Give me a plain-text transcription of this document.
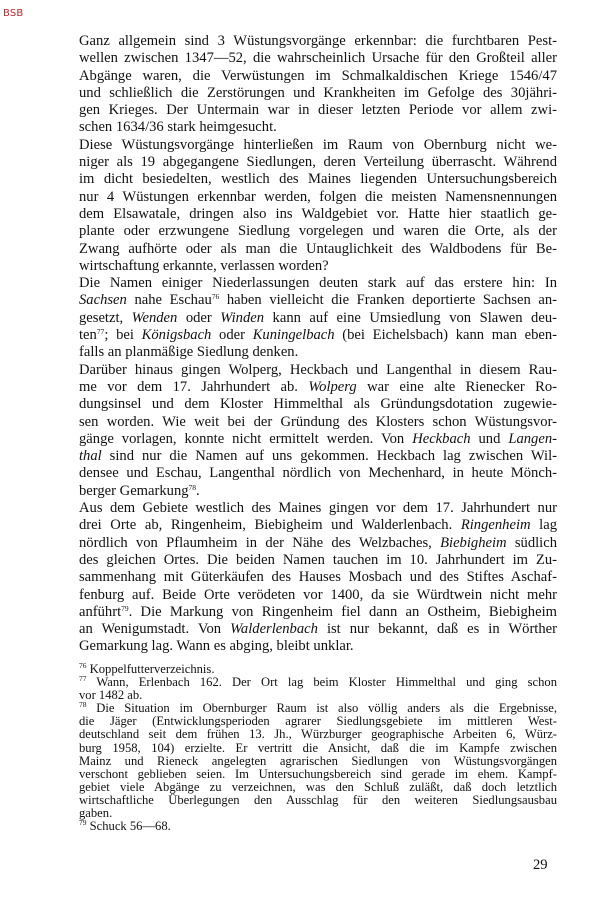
BSB
Ganz allgemein sind 3 Wüstungsvorgänge erkennbar: die furchtbaren Pest-
wellen zwischen 1347—52, die wahrscheinlich Ursache für den Großteil aller
Abgänge waren, die Verwüstungen im Schmalkaldischen Kriege 1546/47
und schließlich die Zerstörungen und Krankheiten im Gefolge des 30jähri-
gen Krieges. Der Untermain war in dieser letzten Periode vor allem zwi-
schen 1634/36 stark heimgesucht.
Diese Wüstungsvorgänge hinterließen im Raum von Obernburg nicht we-
niger als 19 abgegangene Siedlungen, deren Verteilung überrascht. Während
im dicht besiedelten, westlich des Maines liegenden Untersuchungsbereich
nur 4 Wüstungen erkennbar werden, folgen die meisten Namensnennungen
dem Elsawatale, dringen also ins Waldgebiet vor. Hatte hier staatlich ge-
plante oder erzwungene Siedlung vorgelegen und waren die Orte, als der
Zwang aufhörte oder als man die Untauglichkeit des Waldbodens für Be-
wirtschaftung erkannte, verlassen worden?
Die Namen einiger Niederlassungen deuten stark auf das erstere hin: In
Sachsen nahe Eschau$^{76}$ haben vielleicht die Franken deportierte Sachsen an-
gesetzt, Wenden oder Winden kann auf eine Umsiedlung von Slawen deu-
ten$^{77}$; bei Königsbach oder Kuningelbach (bei Eichelsbach) kann man eben-
falls an planmäßige Siedlung denken.
Darüber hinaus gingen Wolperg, Heckbach und Langenthal in diesem Rau-
me vor dem 17. Jahrhundert ab. Wolperg war eine alte Rienecker Ro-
dungsinsel und dem Kloster Himmelthal als Gründungsdotation zugewie-
sen worden. Wie weit bei der Gründung des Klosters schon Wüstungsvor-
gänge vorlagen, konnte nicht ermittelt werden. Von Heckbach und Langen-
thal sind nur die Namen auf uns gekommen. Heckbach lag zwischen Wil-
densee und Eschau, Langenthal nördlich von Mechenhard, in heute Mönch-
berger Gemarkung$^{78}$.
Aus dem Gebiete westlich des Maines gingen vor dem 17. Jahrhundert nur
drei Orte ab, Ringenheim, Biebigheim und Walderlenbach. Ringenheim lag
nördlich von Pflaumheim in der Nähe des Welzbaches, Biebigheim südlich
des gleichen Ortes. Die beiden Namen tauchen im 10. Jahrhundert im Zu-
sammenhang mit Güterkäufen des Hauses Mosbach und des Stiftes Aschaf-
fenburg auf. Beide Orte verödeten vor 1400, da sie Würdtwein nicht mehr
anführt$^{79}$. Die Markung von Ringenheim fiel dann an Ostheim, Biebigheim
an Wenigumstadt. Von Walderlenbach ist nur bekannt, daß es in Wörther
Gemarkung lag. Wann es abging, bleibt unklar.
$^{76}$ Koppelfutterverzeichnis.
$^{77}$ Wann, Erlenbach 162. Der Ort lag beim Kloster Himmelthal und ging schon
vor 1482 ab.
$^{78}$ Die Situation im Obernburger Raum ist also völlig anders als die Ergebnisse,
die Jäger (Entwicklungsperioden agrarer Siedlungsgebiete im mittleren West-
deutschland seit dem frühen 13. Jh., Würzburger geographische Arbeiten 6, Würz-
burg 1958, 104) erzielte. Er vertritt die Ansicht, daß die im Kampfe zwischen
Mainz und Rieneck angelegten agrarischen Siedlungen von Wüstungsvorgängen
verschont geblieben seien. Im Untersuchungsbereich sind gerade im ehem. Kampf-
gebiet viele Abgänge zu verzeichnen, was den Schluß zuläßt, daß doch letztlich
wirtschaftliche Überlegungen den Ausschlag für den weiteren Siedlungsausbau
gaben.
$^{79}$ Schuck 56—68.
29
